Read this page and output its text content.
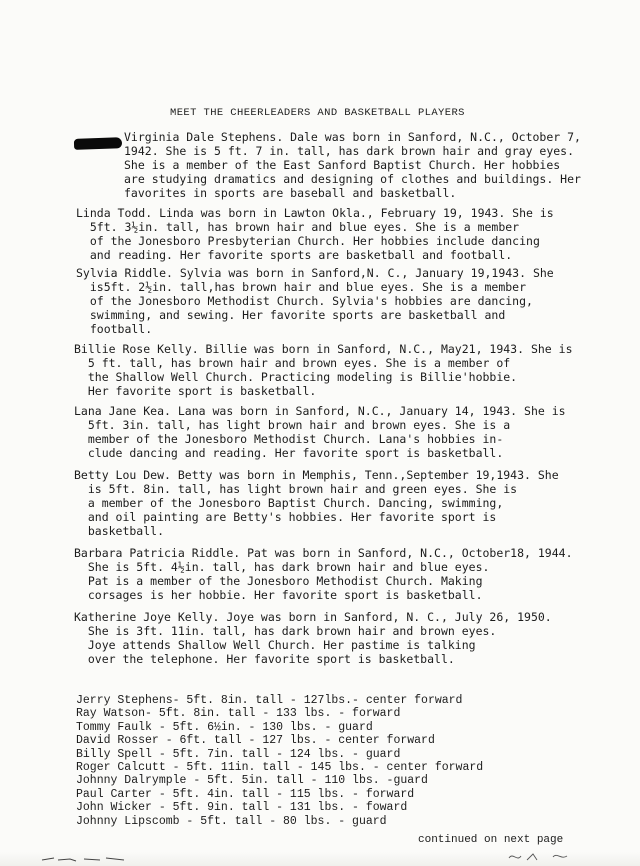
MEET THE CHEERLEADERS AND BASKETBALL PLAYERS
Virginia Dale Stephens. Dale was born in Sanford, N.C., October 7,
1942. She is 5 ft. 7 in. tall, has dark brown hair and gray eyes.
She is a member of the East Sanford Baptist Church. Her hobbies
are studying dramatics and designing of clothes and buildings. Her
favorites in sports are baseball and basketball.
Linda Todd. Linda was born in Lawton Okla., February 19, 1943. She is
5ft. 3½in. tall, has brown hair and blue eyes. She is a member
of the Jonesboro Presbyterian Church. Her hobbies include dancing
and reading. Her favorite sports are basketball and football.
Sylvia Riddle. Sylvia was born in Sanford,N. C., January 19,1943. She
is5ft. 2½in. tall,has brown hair and blue eyes. She is a member
of the Jonesboro Methodist Church. Sylvia's hobbies are dancing,
swimming, and sewing. Her favorite sports are basketball and
football.
Billie Rose Kelly. Billie was born in Sanford, N.C., May21, 1943. She is
5 ft. tall, has brown hair and brown eyes. She is a member of
the Shallow Well Church. Practicing modeling is Billie'hobbie.
Her favorite sport is basketball.
Lana Jane Kea. Lana was born in Sanford, N.C., January 14, 1943. She is
5ft. 3in. tall, has light brown hair and brown eyes. She is a
member of the Jonesboro Methodist Church. Lana's hobbies in-
clude dancing and reading. Her favorite sport is basketball.
Betty Lou Dew. Betty was born in Memphis, Tenn.,September 19,1943. She
is 5ft. 8in. tall, has light brown hair and green eyes. She is
a member of the Jonesboro Baptist Church. Dancing, swimming,
and oil painting are Betty's hobbies. Her favorite sport is
basketball.
Barbara Patricia Riddle. Pat was born in Sanford, N.C., October18, 1944.
She is 5ft. 4½in. tall, has dark brown hair and blue eyes.
Pat is a member of the Jonesboro Methodist Church. Making
corsages is her hobbie. Her favorite sport is basketball.
Katherine Joye Kelly. Joye was born in Sanford, N. C., July 26, 1950.
She is 3ft. 11in. tall, has dark brown hair and brown eyes.
Joye attends Shallow Well Church. Her pastime is talking
over the telephone. Her favorite sport is basketball.
Jerry Stephens- 5ft. 8in. tall - 127lbs.- center forward
Ray Watson- 5ft. 8in. tall - 133 lbs. - forward
Tommy Faulk - 5ft. 6½in. - 130 lbs. - guard
David Rosser - 6ft. tall - 127 lbs. - center forward
Billy Spell - 5ft. 7in. tall - 124 lbs. - guard
Roger Calcutt - 5ft. 11in. tall - 145 lbs. - center forward
Johnny Dalrymple - 5ft. 5in. tall - 110 lbs. -guard
Paul Carter - 5ft. 4in. tall - 115 lbs. - forward
John Wicker - 5ft. 9in. tall - 131 lbs. - foward
Johnny Lipscomb - 5ft. tall - 80 lbs. - guard
continued on next page
